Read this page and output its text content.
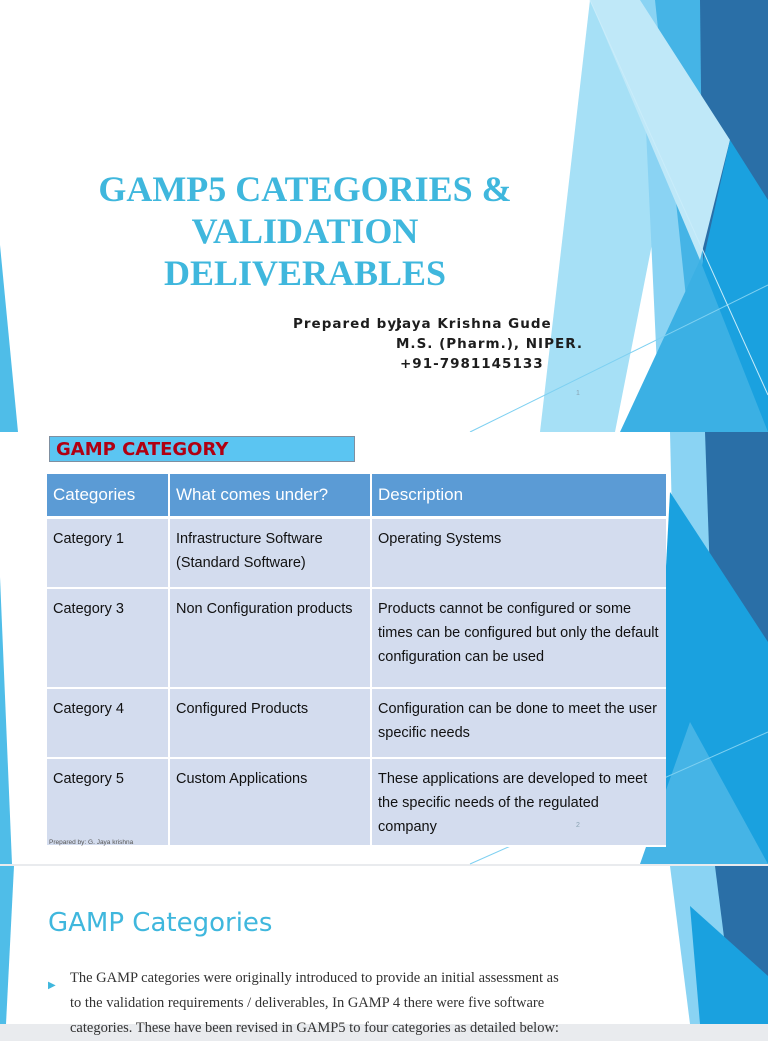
GAMP5 CATEGORIES & VALIDATION DELIVERABLES
Prepared by:
Jaya Krishna Gude
M.S. (Pharm.), NIPER.
+91-7981145133
1
GAMP CATEGORY
Categories	What comes under?	Description
Category 1	Infrastructure Software (Standard Software)	Operating Systems
Category 3	Non Configuration products	Products cannot be configured or some times can be configured but only the default configuration can be used
Category 4	Configured Products	Configuration can be done to meet the user specific needs
Category 5	Custom Applications	These applications are developed to meet the specific needs of the regulated company
Prepared by: G. Jaya krishna
2
GAMP Categories
▶ The GAMP categories were originally introduced to provide an initial assessment as to the validation requirements / deliverables, In GAMP 4 there were five software categories. These have been revised in GAMP5 to four categories as detailed below:
